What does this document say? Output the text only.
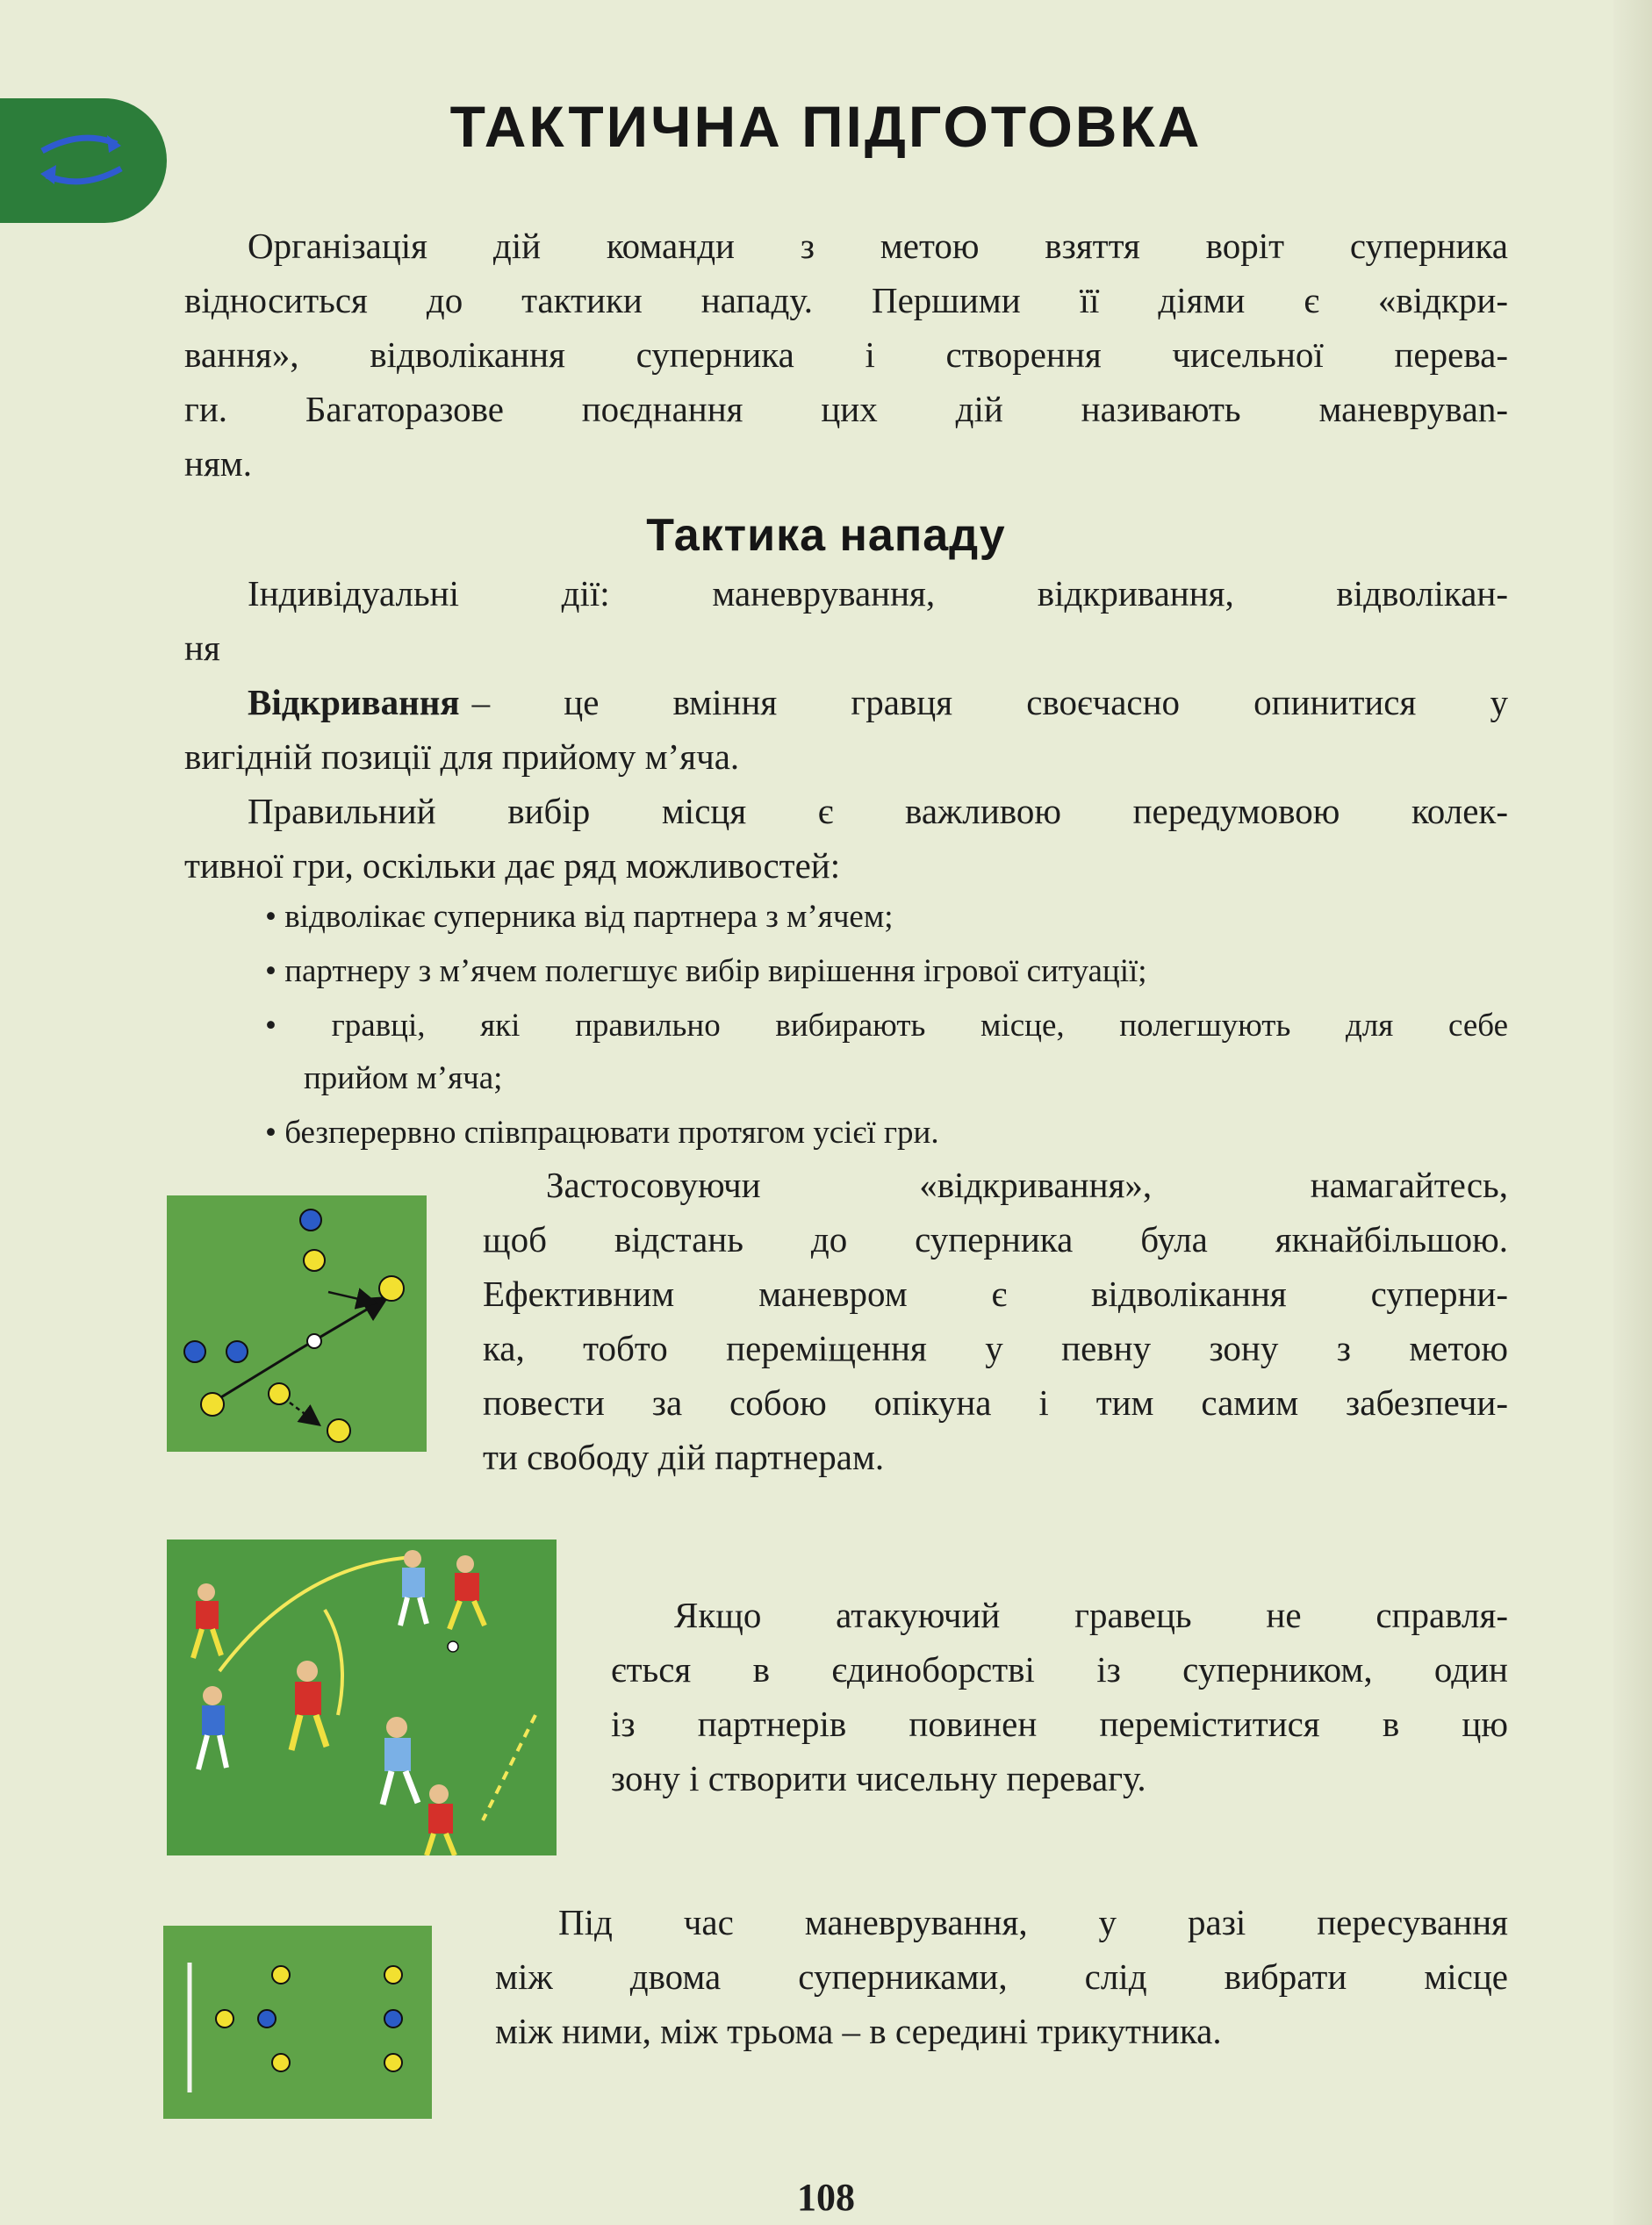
ТАКТИЧНА ПІДГОТОВКА
Організація дій команди з метою взяття воріт суперника
відноситься до тактики нападу. Першими її діями є «відкри-
вання», відволікання суперника і створення чисельної перева-
ги. Багаторазове поєднання цих дій називають маневрувan-
ням.
Тактика нападу
Індивідуальні дії: маневрування, відкривання, відволікан-
ня
Відкривання – це вміння гравця своєчасно опинитися у
вигідній позиції для прийому м’яча.
Правильний вибір місця є важливою передумовою колек-
тивної гри, оскільки дає ряд можливостей:
• відволікає суперника від партнера з м’ячем;
• партнеру з м’ячем полегшує вибір вирішення ігрової ситуації;
• гравці, які правильно вибирають місце, полегшують для себе
прийом м’яча;
• безперервно співпрацювати протягом усієї гри.
Застосовуючи «відкривання», намагайтесь,
щоб відстань до суперника була якнайбільшою.
Ефективним маневром є відволікання суперни-
ка, тобто переміщення у певну зону з метою
повести за собою опікуна і тим самим забезпечи-
ти свободу дій партнерам.
Якщо атакуючий гравець не справля-
ється в єдиноборстві із суперником, один
із партнерів повинен переміститися в цю
зону і створити чисельну перевагу.
Під час маневрування, у разі пересування
між двома суперниками, слід вибрати місце
між ними, між трьома – в середині трикутника.
108
